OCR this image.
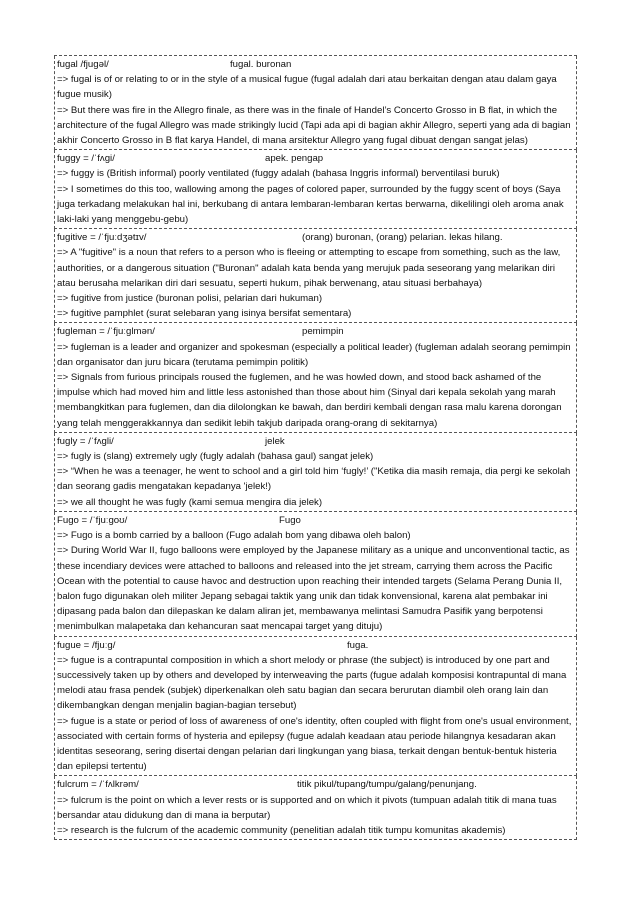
fugal /fjugəl/	fugal. buronan
=> fugal is of or relating to or in the style of a musical fugue (fugal adalah dari atau berkaitan dengan atau dalam gaya fugue musik)
=> But there was fire in the Allegro finale, as there was in the finale of Handel’s Concerto Grosso in B flat, in which the architecture of the fugal Allegro was made strikingly lucid (Tapi ada api di bagian akhir Allegro, seperti yang ada di bagian akhir Concerto Grosso in B flat karya Handel, di mana arsitektur Allegro yang fugal dibuat dengan sangat jelas)
fuggy = /ˈfʌgi/	apek. pengap
=> fuggy is (British informal) poorly ventilated (fuggy adalah (bahasa Inggris informal) berventilasi buruk)
=> I sometimes do this too, wallowing among the pages of colored paper, surrounded by the fuggy scent of boys (Saya juga terkadang melakukan hal ini, berkubang di antara lembaran-lembaran kertas berwarna, dikelilingi oleh aroma anak laki-laki yang menggebu-gebu)
fugitive = /ˈfjuːdʒətɪv/	(orang) buronan, (orang) pelarian. lekas hilang.
=> A "fugitive" is a noun that refers to a person who is fleeing or attempting to escape from something, such as the law, authorities, or a dangerous situation ("Buronan" adalah kata benda yang merujuk pada seseorang yang melarikan diri atau berusaha melarikan diri dari sesuatu, seperti hukum, pihak berwenang, atau situasi berbahaya)
=> fugitive from justice (buronan polisi, pelarian dari hukuman)
=> fugitive pamphlet (surat selebaran yang isinya bersifat sementara)
fugleman = /ˈfjuːɡlmən/	pemimpin
=> fugleman is a leader and organizer and spokesman (especially a political leader) (fugleman adalah seorang pemimpin dan organisator dan juru bicara (terutama pemimpin politik)
=> Signals from furious principals roused the fuglemen, and he was howled down, and stood back ashamed of the impulse which had moved him and little less astonished than those about him (Sinyal dari kepala sekolah yang marah membangkitkan para fuglemen, dan dia dilolongkan ke bawah, dan berdiri kembali dengan rasa malu karena dorongan yang telah menggerakkannya dan sedikit lebih takjub daripada orang-orang di sekitarnya)
fugly = /ˈfʌɡli/	jelek
=> fugly is (slang) extremely ugly (fugly adalah (bahasa gaul) sangat jelek)
=> “When he was a teenager, he went to school and a girl told him ‘fugly!’ ("Ketika dia masih remaja, dia pergi ke sekolah dan seorang gadis mengatakan kepadanya 'jelek!)
=> we all thought he was fugly (kami semua mengira dia jelek)
Fugo = /ˈfjuːgoʊ/	Fugo
=> Fugo is a bomb carried by a balloon (Fugo adalah bom yang dibawa oleh balon)
=> During World War II, fugo balloons were employed by the Japanese military as a unique and unconventional tactic, as these incendiary devices were attached to balloons and released into the jet stream, carrying them across the Pacific Ocean with the potential to cause havoc and destruction upon reaching their intended targets (Selama Perang Dunia II, balon fugo digunakan oleh militer Jepang sebagai taktik yang unik dan tidak konvensional, karena alat pembakar ini dipasang pada balon dan dilepaskan ke dalam aliran jet, membawanya melintasi Samudra Pasifik yang berpotensi menimbulkan malapetaka dan kehancuran saat mencapai target yang dituju)
fugue = /fjuːg/	fuga.
=> fugue is a contrapuntal composition in which a short melody or phrase (the subject) is introduced by one part and successively taken up by others and developed by interweaving the parts (fugue adalah komposisi kontrapuntal di mana melodi atau frasa pendek (subjek) diperkenalkan oleh satu bagian dan secara berurutan diambil oleh orang lain dan dikembangkan dengan menjalin bagian-bagian tersebut)
=> fugue is a state or period of loss of awareness of one's identity, often coupled with flight from one's usual environment, associated with certain forms of hysteria and epilepsy (fugue adalah keadaan atau periode hilangnya kesadaran akan identitas seseorang, sering disertai dengan pelarian dari lingkungan yang biasa, terkait dengan bentuk-bentuk histeria dan epilepsi tertentu)
fulcrum = /ˈfʌlkrəm/	titik pikul/tupang/tumpu/galang/penunjang.
=> fulcrum is the point on which a lever rests or is supported and on which it pivots (tumpuan adalah titik di mana tuas bersandar atau didukung dan di mana ia berputar)
=> research is the fulcrum of the academic community (penelitian adalah titik tumpu komunitas akademis)
